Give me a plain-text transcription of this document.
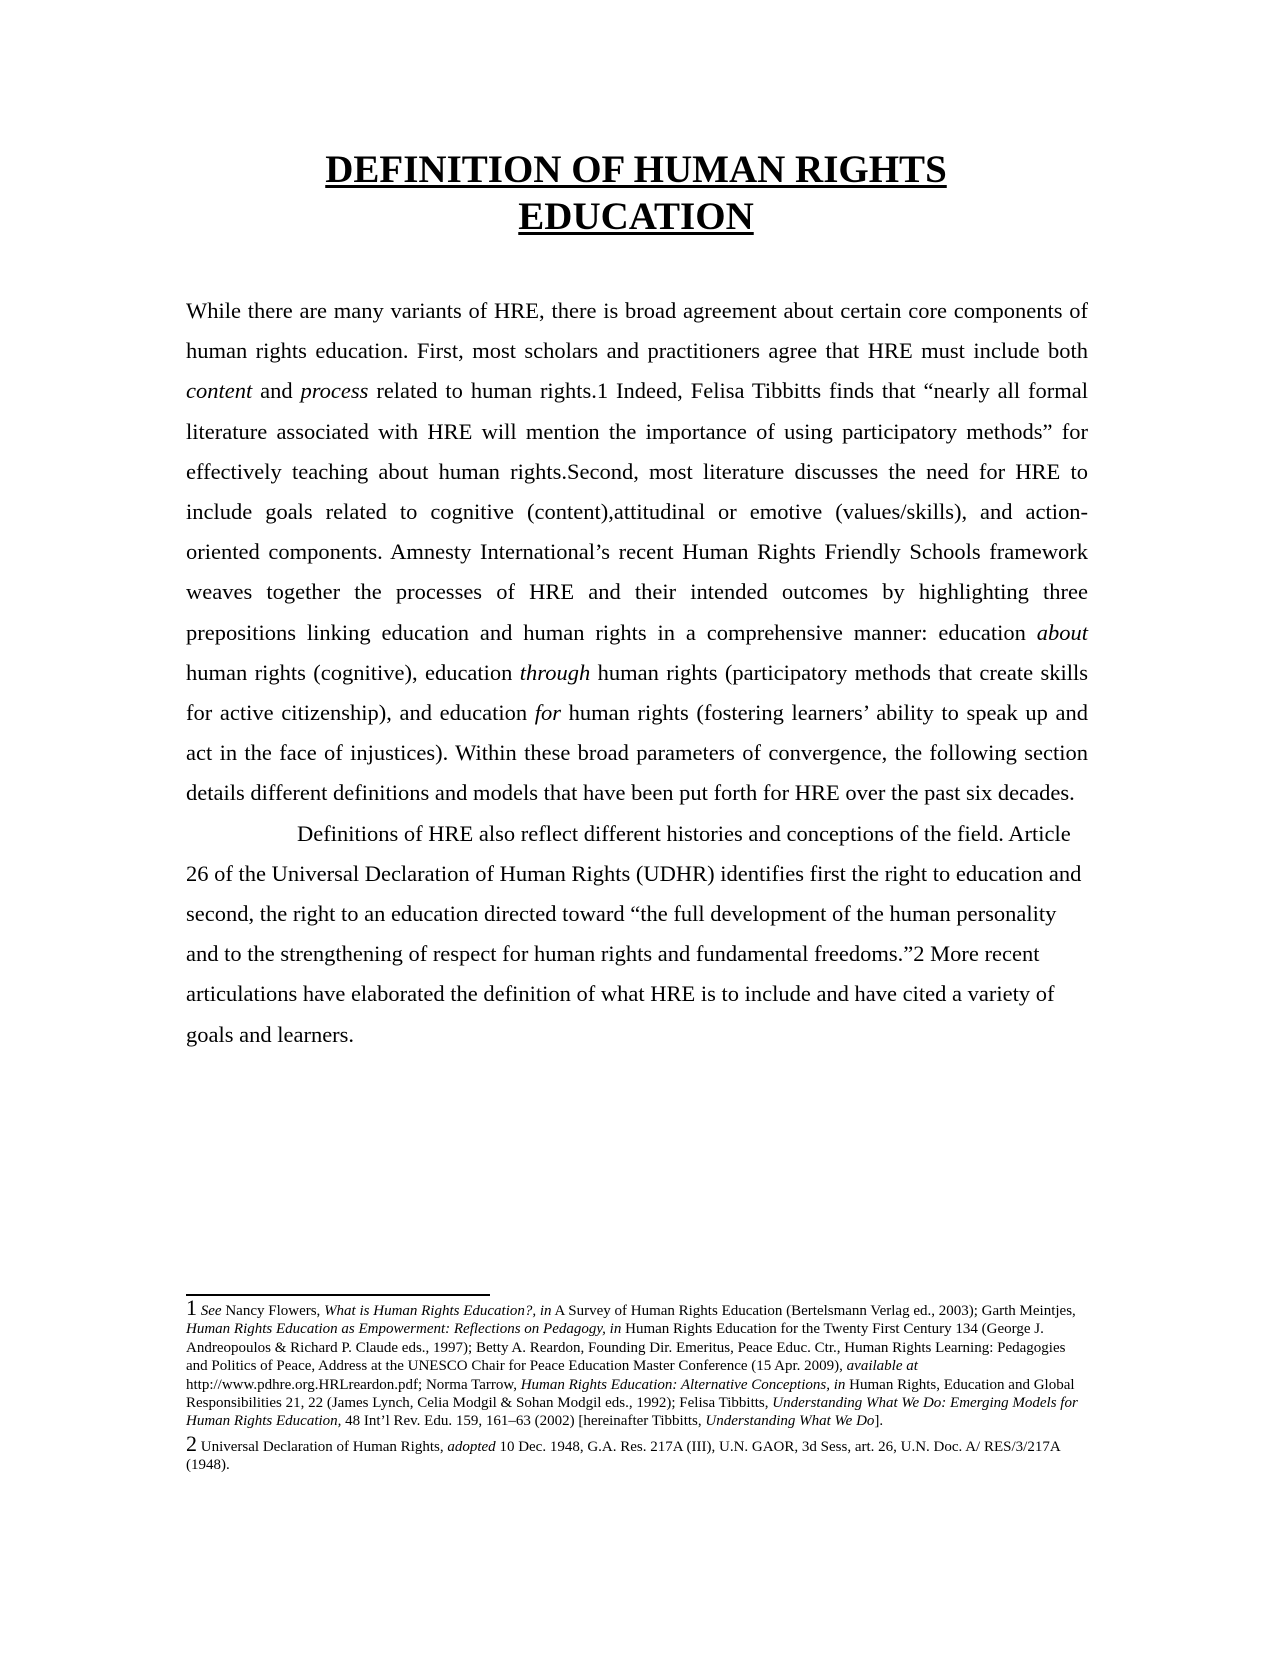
DEFINITION OF HUMAN RIGHTS
EDUCATION

While there are many variants of HRE, there is broad agreement about certain core components of human rights education. First, most scholars and practitioners agree that HRE must include both content and process related to human rights.1 Indeed, Felisa Tibbitts finds that “nearly all formal literature associated with HRE will mention the importance of using participatory methods” for effectively teaching about human rights.Second, most literature discusses the need for HRE to include goals related to cognitive (content),attitudinal or emotive (values/skills), and action-oriented components. Amnesty International’s recent Human Rights Friendly Schools framework weaves together the processes of HRE and their intended outcomes by highlighting three prepositions linking education and human rights in a comprehensive manner: education about human rights (cognitive), education through human rights (participatory methods that create skills for active citizenship), and education for human rights (fostering learners’ ability to speak up and act in the face of injustices). Within these broad parameters of convergence, the following section details different definitions and models that have been put forth for HRE over the past six decades.

Definitions of HRE also reflect different histories and conceptions of the field. Article 26 of the Universal Declaration of Human Rights (UDHR) identifies first the right to education and second, the right to an education directed toward “the full development of the human personality and to the strengthening of respect for human rights and fundamental freedoms.”2 More recent articulations have elaborated the definition of what HRE is to include and have cited a variety of goals and learners.

1 See Nancy Flowers, What is Human Rights Education?, in A Survey of Human Rights Education (Bertelsmann Verlag ed., 2003); Garth Meintjes, Human Rights Education as Empowerment: Reflections on Pedagogy, in Human Rights Education for the Twenty First Century 134 (George J. Andreopoulos & Richard P. Claude eds., 1997); Betty A. Reardon, Founding Dir. Emeritus, Peace Educ. Ctr., Human Rights Learning: Pedagogies and Politics of Peace, Address at the UNESCO Chair for Peace Education Master Conference (15 Apr. 2009), available at http://www.pdhre.org.HRLreardon.pdf; Norma Tarrow, Human Rights Education: Alternative Conceptions, in Human Rights, Education and Global Responsibilities 21, 22 (James Lynch, Celia Modgil & Sohan Modgil eds., 1992); Felisa Tibbitts, Understanding What We Do: Emerging Models for Human Rights Education, 48 Int’l Rev. Edu. 159, 161–63 (2002) [hereinafter Tibbitts, Understanding What We Do].

2 Universal Declaration of Human Rights, adopted 10 Dec. 1948, G.A. Res. 217A (III), U.N. GAOR, 3d Sess, art. 26, U.N. Doc. A/ RES/3/217A (1948).
